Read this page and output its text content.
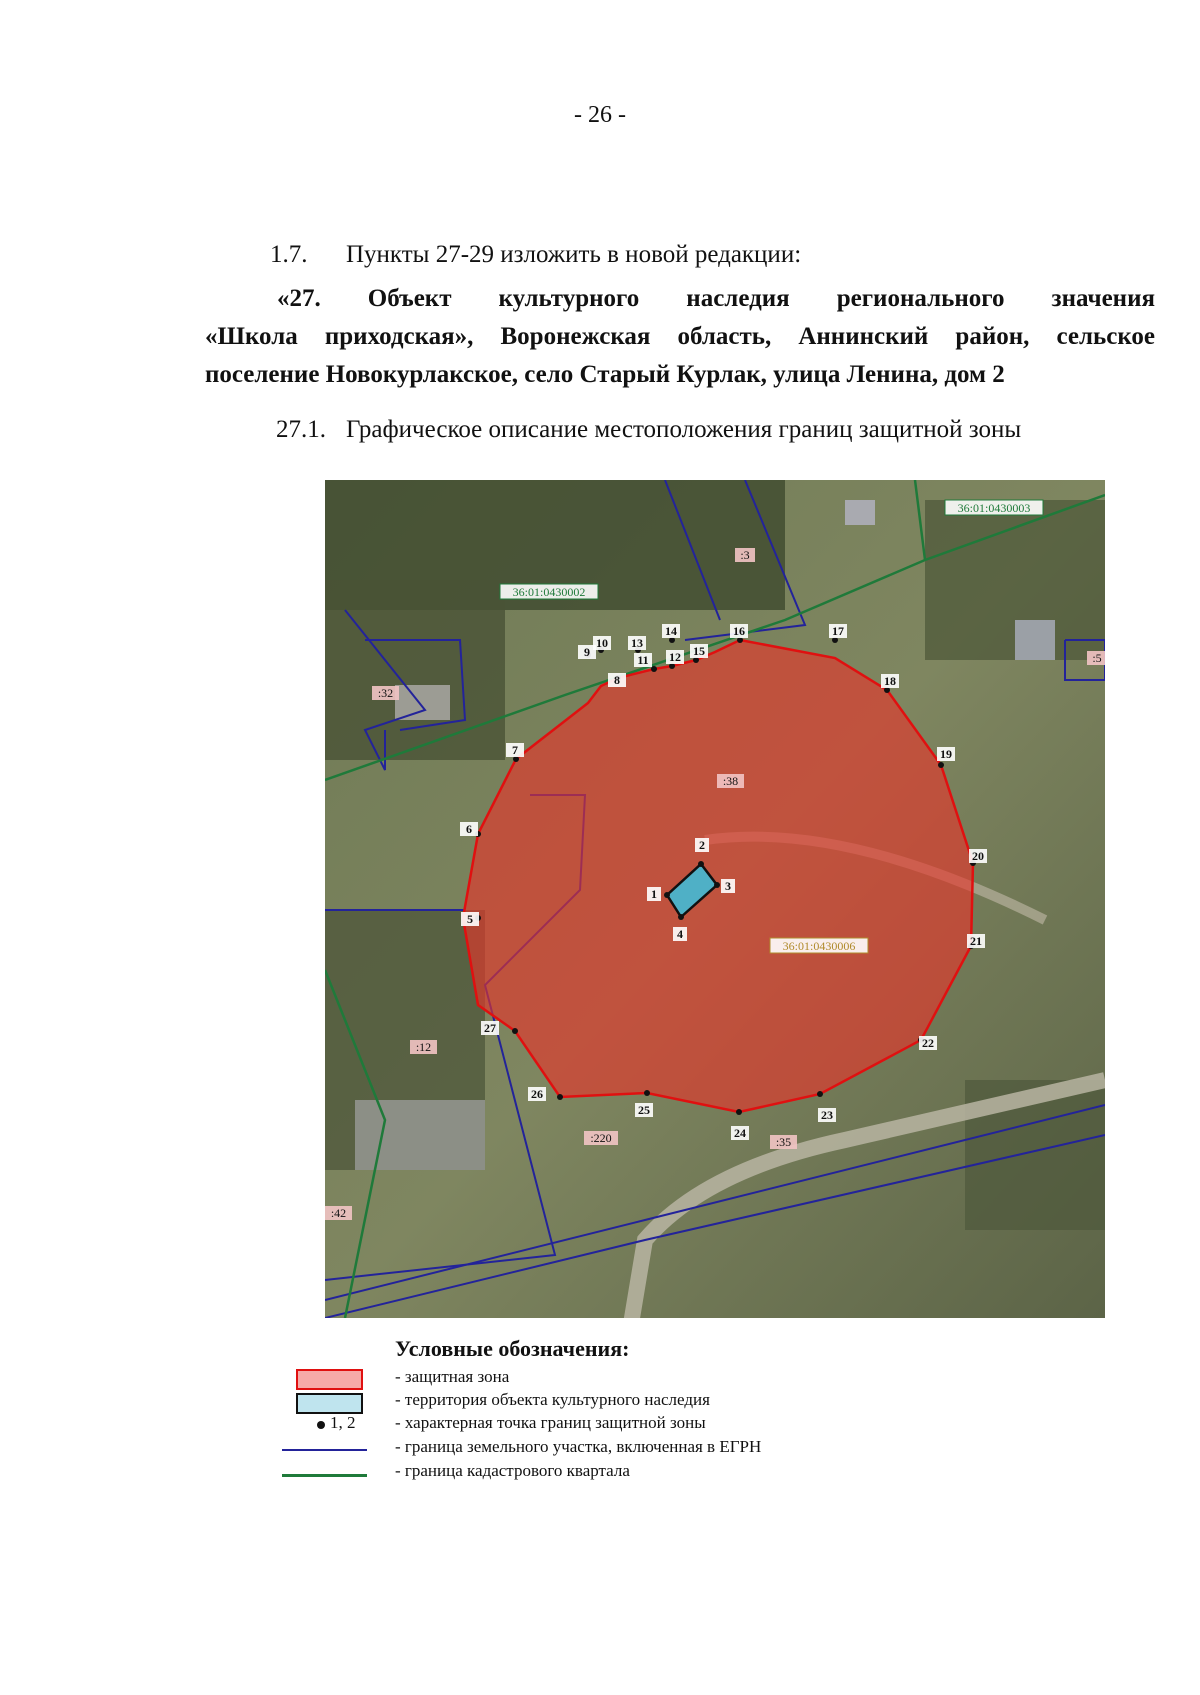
- 26 -
1.7. Пункты 27-29 изложить в новой редакции:
«27. Объект культурного наследия регионального значения
«Школа приходская», Воронежская область, Аннинский район, сельское
поселение Новокурлакское, село Старый Курлак, улица Ленина, дом 2
27.1. Графическое описание местоположения границ защитной зоны
5
6
7
8
9
10
11 12
13
14
15
16	17
18
19
20
21
22
23
24
25
26
27
1
2
3
4
36:01:0430003
36:01:0430002
36:01:0430006
:3
:32
:38
:12
:220	:35
:42
:5
Условные обозначения:
1, 2
- защитная зона
- территория объекта культурного наследия
- характерная точка границ защитной зоны
- граница земельного участка, включенная в ЕГРН
- граница кадастрового квартала
